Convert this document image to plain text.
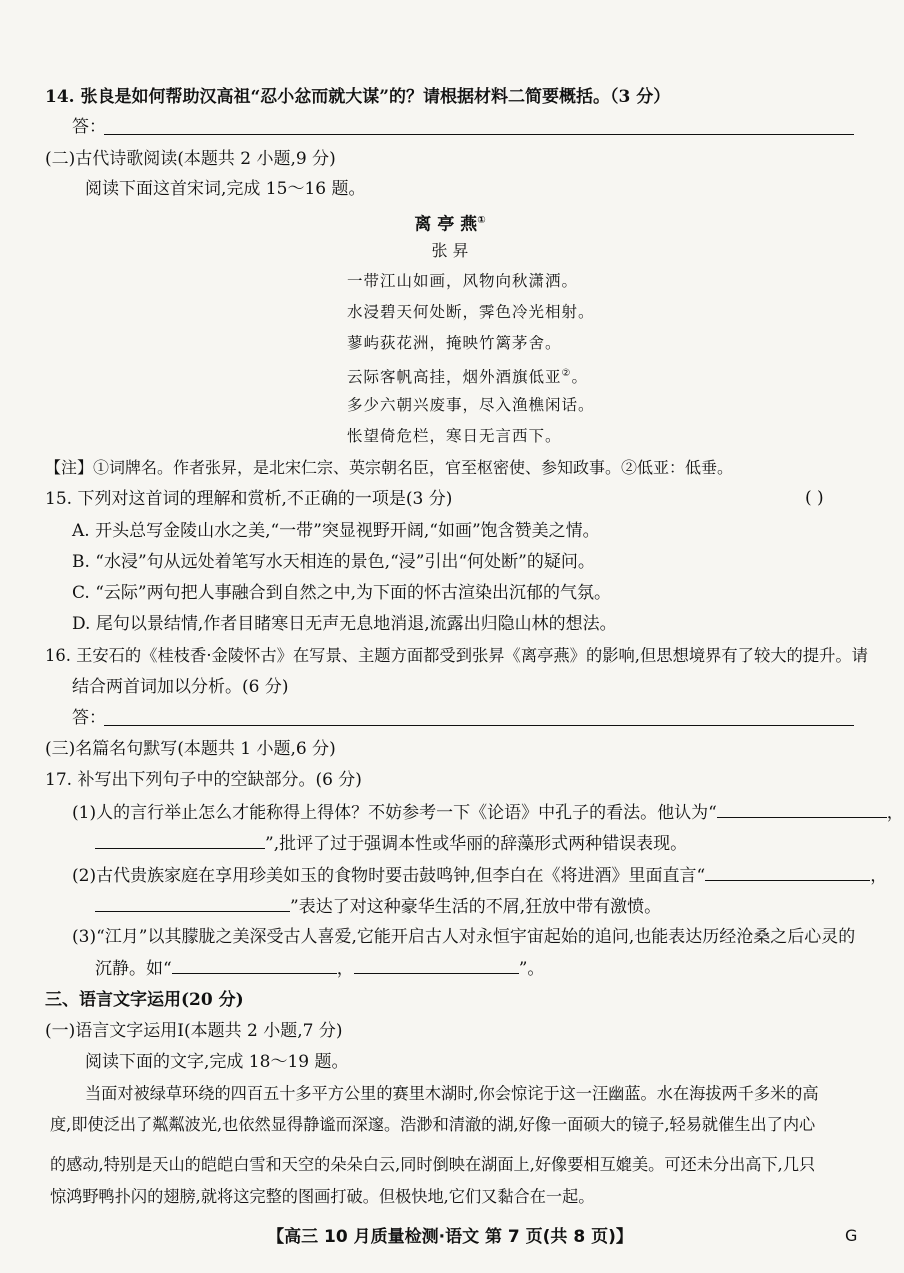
14. 张良是如何帮助汉高祖“忍小忿而就大谋”的？请根据材料二简要概括。（3 分）
答：
(二)古代诗歌阅读(本题共 2 小题,9 分)
阅读下面这首宋词,完成 15～16 题。
离 亭 燕①
张 昇
一带江山如画，风物向秋潇洒。
水浸碧天何处断，霁色冷光相射。
蓼屿荻花洲，掩映竹篱茅舍。
云际客帆高挂，烟外酒旗低亚②。
多少六朝兴废事，尽入渔樵闲话。
怅望倚危栏，寒日无言西下。
【注】①词牌名。作者张昇，是北宋仁宗、英宗朝名臣，官至枢密使、参知政事。②低亚：低垂。
15. 下列对这首词的理解和赏析,不正确的一项是(3 分)	( )
A. 开头总写金陵山水之美,“一带”突显视野开阔,“如画”饱含赞美之情。
B. “水浸”句从远处着笔写水天相连的景色,“浸”引出“何处断”的疑问。
C. “云际”两句把人事融合到自然之中,为下面的怀古渲染出沉郁的气氛。
D. 尾句以景结情,作者目睹寒日无声无息地消退,流露出归隐山林的想法。
16. 王安石的《桂枝香·金陵怀古》在写景、主题方面都受到张昇《离亭燕》的影响,但思想境界有了较大的提升。请
结合两首词加以分析。(6 分)
答：
(三)名篇名句默写(本题共 1 小题,6 分)
17. 补写出下列句子中的空缺部分。(6 分)
(1)人的言行举止怎么才能称得上得体？不妨参考一下《论语》中孔子的看法。他认为“	，
”,批评了过于强调本性或华丽的辞藻形式两种错误表现。
(2)古代贵族家庭在享用珍美如玉的食物时要击鼓鸣钟,但李白在《将进酒》里面直言“	，
”表达了对这种豪华生活的不屑,狂放中带有激愤。
(3)“江月”以其朦胧之美深受古人喜爱,它能开启古人对永恒宇宙起始的追问,也能表达历经沧桑之后心灵的
沉静。如“	，	”。
三、语言文字运用(20 分)
(一)语言文字运用Ⅰ(本题共 2 小题,7 分)
阅读下面的文字,完成 18～19 题。
当面对被绿草环绕的四百五十多平方公里的赛里木湖时,你会惊诧于这一汪幽蓝。水在海拔两千多米的高
度,即使泛出了粼粼波光,也依然显得静谧而深邃。浩渺和清澈的湖,好像一面硕大的镜子,轻易就催生出了内心
的感动,特别是天山的皑皑白雪和天空的朵朵白云,同时倒映在湖面上,好像要相互媲美。可还未分出高下,几只
惊鸿野鸭扑闪的翅膀,就将这完整的图画打破。但极快地,它们又黏合在一起。
【高三 10 月质量检测·语文 第 7 页(共 8 页)】	G
